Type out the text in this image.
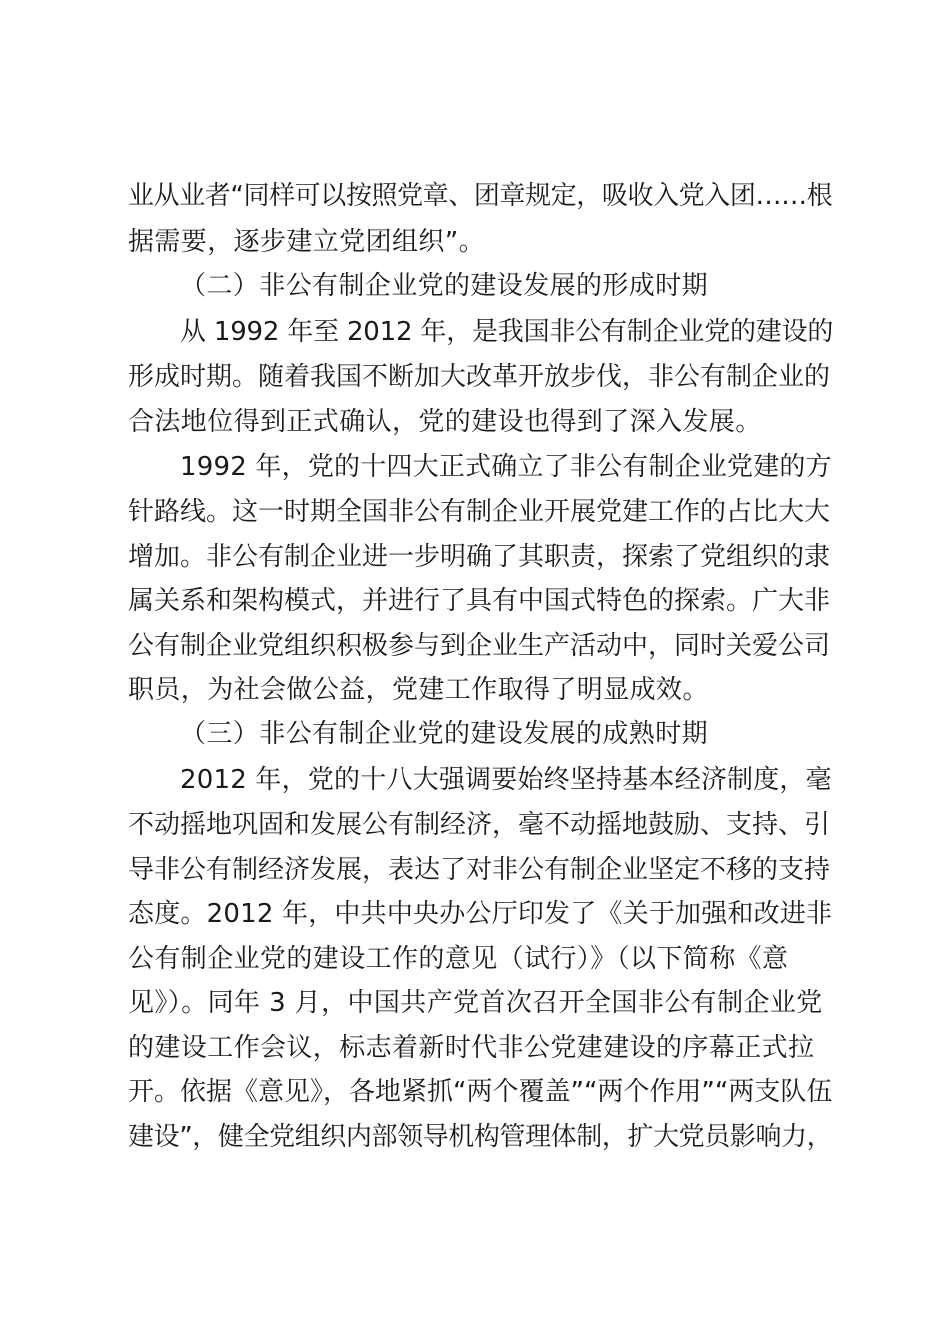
业从业者“同样可以按照党章、团章规定，吸收入党入团……根
据需要，逐步建立党团组织”。
（二）非公有制企业党的建设发展的形成时期
从 1992 年至 2012 年，是我国非公有制企业党的建设的
形成时期。随着我国不断加大改革开放步伐，非公有制企业的
合法地位得到正式确认，党的建设也得到了深入发展。
1992 年，党的十四大正式确立了非公有制企业党建的方
针路线。这一时期全国非公有制企业开展党建工作的占比大大
增加。非公有制企业进一步明确了其职责，探索了党组织的隶
属关系和架构模式，并进行了具有中国式特色的探索。广大非
公有制企业党组织积极参与到企业生产活动中，同时关爱公司
职员，为社会做公益，党建工作取得了明显成效。
（三）非公有制企业党的建设发展的成熟时期
2012 年，党的十八大强调要始终坚持基本经济制度，毫
不动摇地巩固和发展公有制经济，毫不动摇地鼓励、支持、引
导非公有制经济发展，表达了对非公有制企业坚定不移的支持
态度。2012 年，中共中央办公厅印发了《关于加强和改进非
公有制企业党的建设工作的意见（试行）》（以下简称《意
见》）。同年 3 月，中国共产党首次召开全国非公有制企业党
的建设工作会议，标志着新时代非公党建建设的序幕正式拉
开。依据《意见》，各地紧抓“两个覆盖”“两个作用”“两支队伍
建设”，健全党组织内部领导机构管理体制，扩大党员影响力，
